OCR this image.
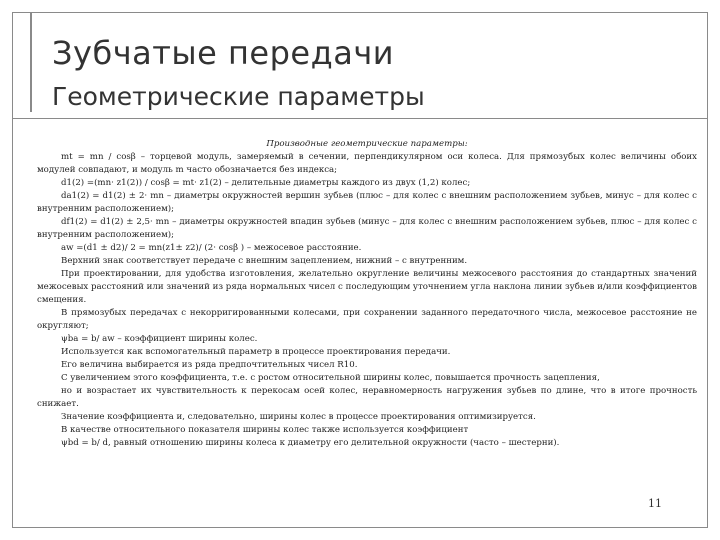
Зубчатые передачи
Геометрические параметры

Производные геометрические параметры:

mt = mn / cosβ – торцевой модуль, замеряемый в сечении, перпендикулярном оси колеса. Для прямозубых колес величины обоих модулей совпадают, и модуль m часто обозначается без индекса;

d1(2) =(mn· z1(2)) / cosβ = mt· z1(2) – делительные диаметры каждого из двух (1,2) колес;

da1(2) = d1(2) ± 2· mn – диаметры окружностей вершин зубьев (плюс – для колес с внешним расположением зубьев, минус – для колес с внутренним расположением);

df1(2) = d1(2) ± 2,5· mn – диаметры окружностей впадин зубьев (минус – для колес с внешним расположением зубьев, плюс – для колес с внутренним расположением);

aw =(d1 ± d2)/ 2 = mn(z1± z2)/ (2· cosβ ) – межосевое расстояние.

Верхний знак соответствует передаче с внешним зацеплением, нижний – с внутренним.

При проектировании, для удобства изготовления, желательно округление величины межосевого расстояния до стандартных значений межосевых расстояний или значений из ряда нормальных чисел с последующим уточнением угла наклона линии зубьев и/или коэффициентов смещения.

В прямозубых передачах с некорригированными колесами, при сохранении заданного передаточного числа, межосевое расстояние не округляют;

ψba = b/ aw – коэффициент ширины колес.

Используется как вспомогательный параметр в процессе проектирования передачи.

Его величина выбирается из ряда предпочтительных чисел R10.

С увеличением этого коэффициента, т.е. с ростом относительной ширины колес, повышается прочность зацепления,

но и возрастает их чувствительность к перекосам осей колес, неравномерность нагружения зубьев по длине, что в итоге прочность снижает.

Значение коэффициента и, следовательно, ширины колес в процессе проектирования оптимизируется.

В качестве относительного показателя ширины колес также используется коэффициент

ψbd = b/ d, равный отношению ширины колеса к диаметру его делительной окружности (часто – шестерни).

11
